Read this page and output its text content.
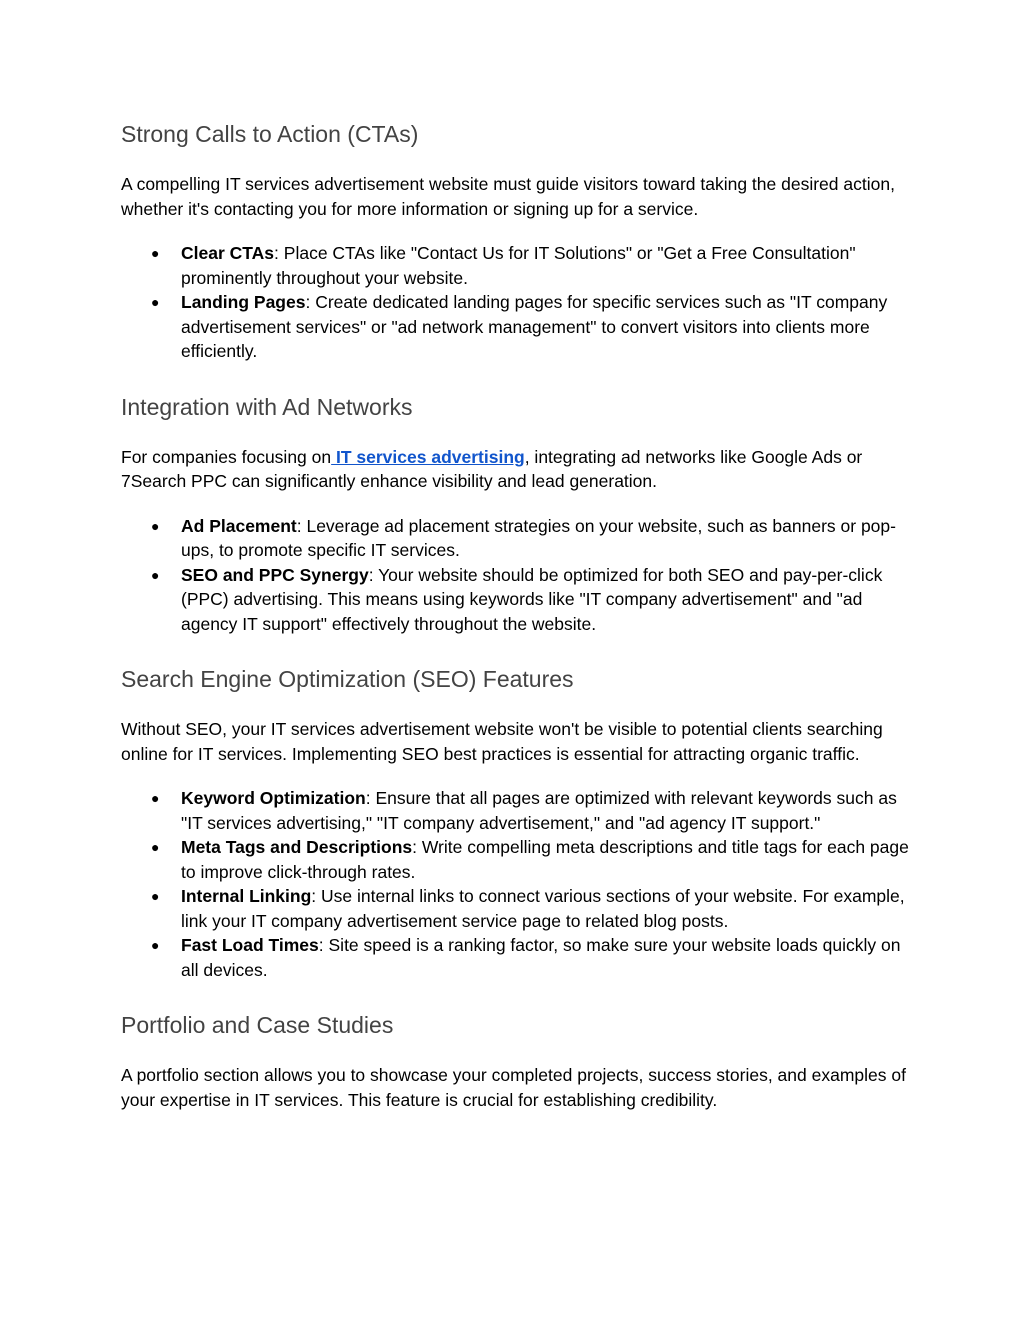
Strong Calls to Action (CTAs)

A compelling IT services advertisement website must guide visitors toward taking the desired action, whether it's contacting you for more information or signing up for a service.

● Clear CTAs: Place CTAs like "Contact Us for IT Solutions" or "Get a Free Consultation" prominently throughout your website.
● Landing Pages: Create dedicated landing pages for specific services such as "IT company advertisement services" or "ad network management" to convert visitors into clients more efficiently.
Integration with Ad Networks

For companies focusing on IT services advertising, integrating ad networks like Google Ads or 7Search PPC can significantly enhance visibility and lead generation.

● Ad Placement: Leverage ad placement strategies on your website, such as banners or pop-ups, to promote specific IT services.
● SEO and PPC Synergy: Your website should be optimized for both SEO and pay-per-click (PPC) advertising. This means using keywords like "IT company advertisement" and "ad agency IT support" effectively throughout the website.
Search Engine Optimization (SEO) Features

Without SEO, your IT services advertisement website won't be visible to potential clients searching online for IT services. Implementing SEO best practices is essential for attracting organic traffic.

● Keyword Optimization: Ensure that all pages are optimized with relevant keywords such as "IT services advertising," "IT company advertisement," and "ad agency IT support."
● Meta Tags and Descriptions: Write compelling meta descriptions and title tags for each page to improve click-through rates.
● Internal Linking: Use internal links to connect various sections of your website. For example, link your IT company advertisement service page to related blog posts.
● Fast Load Times: Site speed is a ranking factor, so make sure your website loads quickly on all devices.
Portfolio and Case Studies

A portfolio section allows you to showcase your completed projects, success stories, and examples of your expertise in IT services. This feature is crucial for establishing credibility.
